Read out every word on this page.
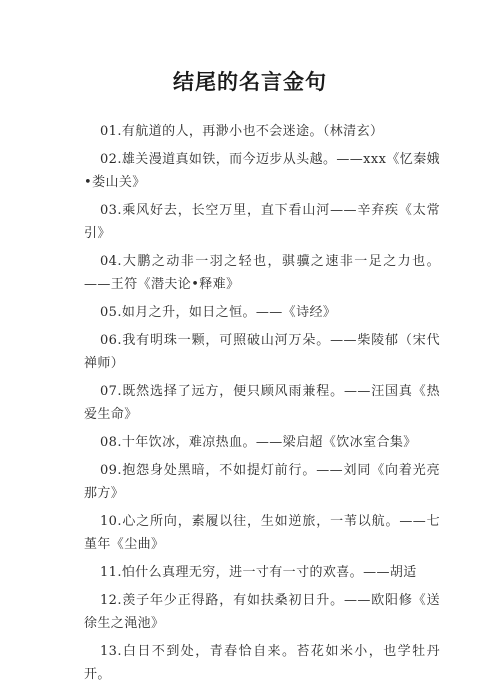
结尾的名言金句
01.有航道的人，再渺小也不会迷途。（林清玄）
02.雄关漫道真如铁，而今迈步从头越。——xxx《忆秦娥•娄山关》
03.乘风好去，长空万里，直下看山河——辛弃疾《太常引》
04.大鹏之动非一羽之轻也，骐骥之速非一足之力也。——王符《潜夫论•释难》
05.如月之升，如日之恒。——《诗经》
06.我有明珠一颗，可照破山河万朵。——柴陵郁（宋代禅师）
07.既然选择了远方，便只顾风雨兼程。——汪国真《热爱生命》
08.十年饮冰，难凉热血。——梁启超《饮冰室合集》
09.抱怨身处黑暗，不如提灯前行。——刘同《向着光亮那方》
10.心之所向，素履以往，生如逆旅，一苇以航。——七堇年《尘曲》
11.怕什么真理无穷，进一寸有一寸的欢喜。——胡适
12.羡子年少正得路，有如扶桑初日升。——欧阳修《送徐生之渑池》
13.白日不到处，青春恰自来。苔花如米小，也学牡丹开。
